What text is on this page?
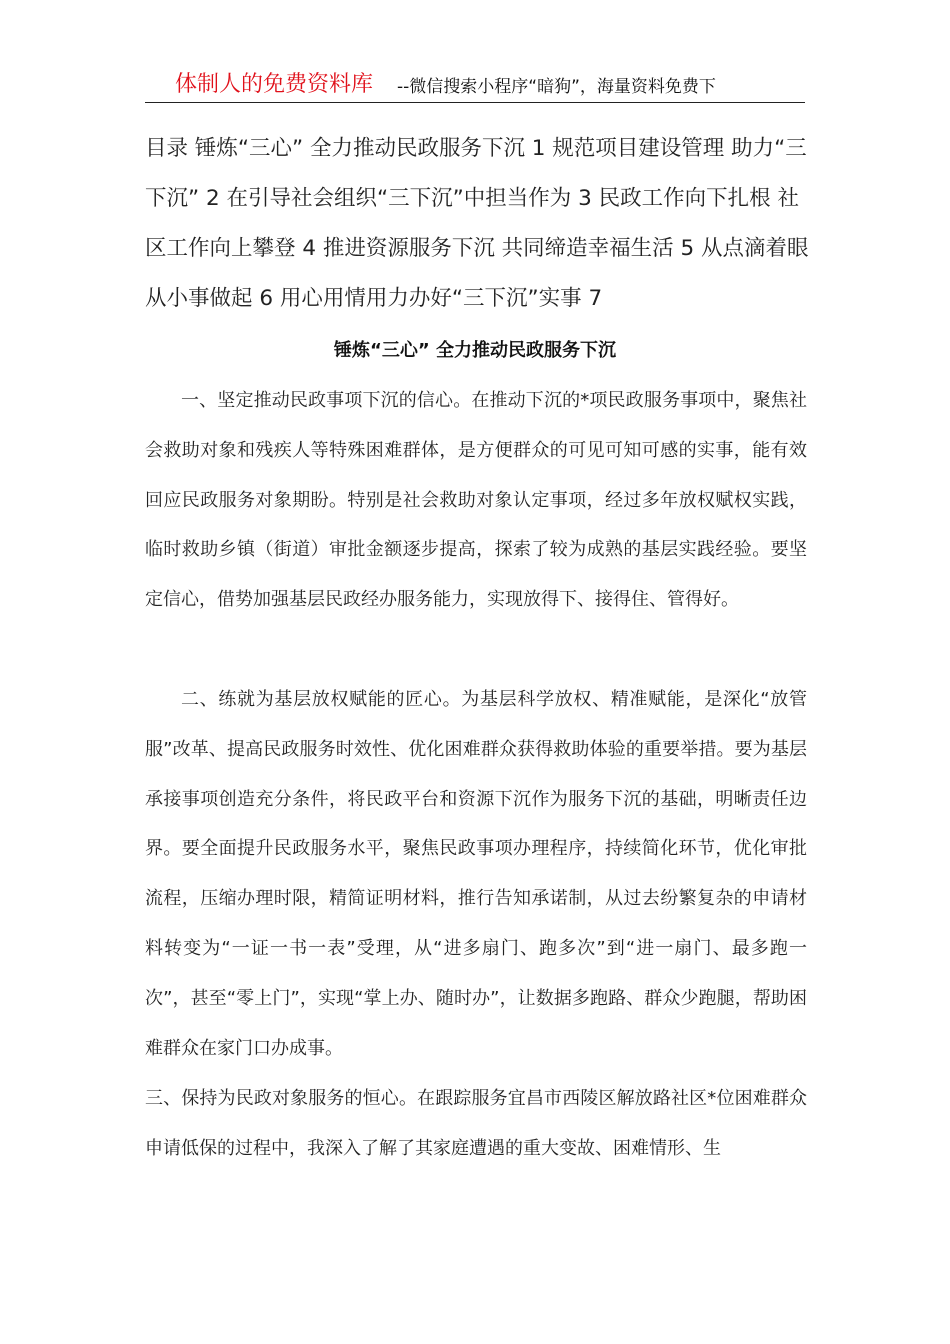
体制人的免费资料库 --微信搜索小程序“暗狗”，海量资料免费下
目录 锤炼“三心” 全力推动民政服务下沉 1 规范项目建设管理 助力“三下沉” 2 在引导社会组织“三下沉”中担当作为 3 民政工作向下扎根 社区工作向上攀登 4 推进资源服务下沉 共同缔造幸福生活 5 从点滴着眼 从小事做起 6 用心用情用力办好“三下沉”实事 7
锤炼“三心” 全力推动民政服务下沉
一、坚定推动民政事项下沉的信心。在推动下沉的*项民政服务事项中，聚焦社会救助对象和残疾人等特殊困难群体，是方便群众的可见可知可感的实事，能有效回应民政服务对象期盼。特别是社会救助对象认定事项，经过多年放权赋权实践，临时救助乡镇（街道）审批金额逐步提高，探索了较为成熟的基层实践经验。要坚定信心，借势加强基层民政经办服务能力，实现放得下、接得住、管得好。
二、练就为基层放权赋能的匠心。为基层科学放权、精准赋能，是深化“放管服”改革、提高民政服务时效性、优化困难群众获得救助体验的重要举措。要为基层承接事项创造充分条件，将民政平台和资源下沉作为服务下沉的基础，明晰责任边界。要全面提升民政服务水平，聚焦民政事项办理程序，持续简化环节，优化审批流程，压缩办理时限，精简证明材料，推行告知承诺制，从过去纷繁复杂的申请材料转变为“一证一书一表”受理，从“进多扇门、跑多次”到“进一扇门、最多跑一次”，甚至“零上门”，实现“掌上办、随时办”，让数据多跑路、群众少跑腿，帮助困难群众在家门口办成事。
三、保持为民政对象服务的恒心。在跟踪服务宜昌市西陵区解放路社区*位困难群众申请低保的过程中，我深入了解了其家庭遭遇的重大变故、困难情形、生
